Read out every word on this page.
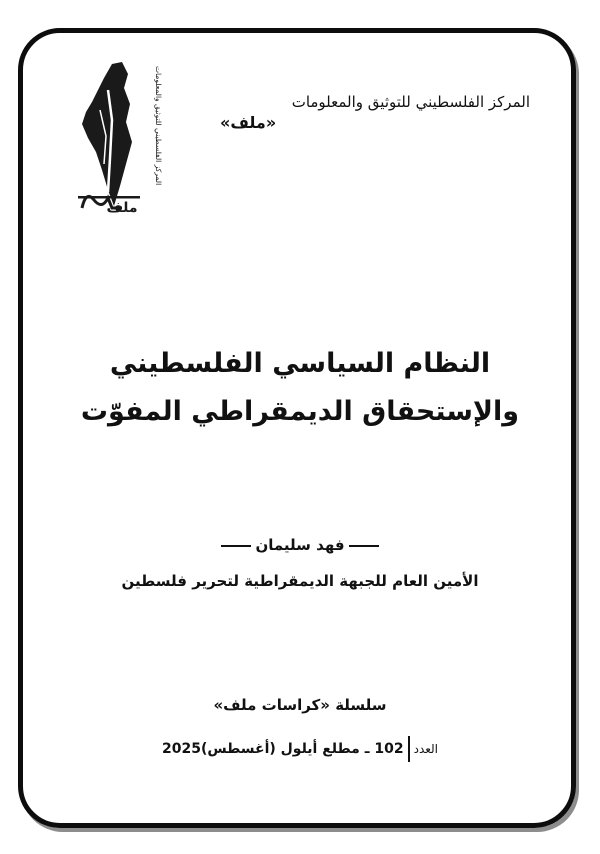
المركز الفلسطيني للتوثيق والمعلومات
ملف
المركز الفلسطيني للتوثيق والمعلومات
«ملف»
النظام السياسي الفلسطيني
والإستحقاق الديمقراطي المفوّت
فهد سليمان
الأمين العام للجبهة الديمقراطية لتحرير فلسطين
سلسلة «كراسات ملف»
العدد102 ـ مطلع أيلول (أغسطس)2025
